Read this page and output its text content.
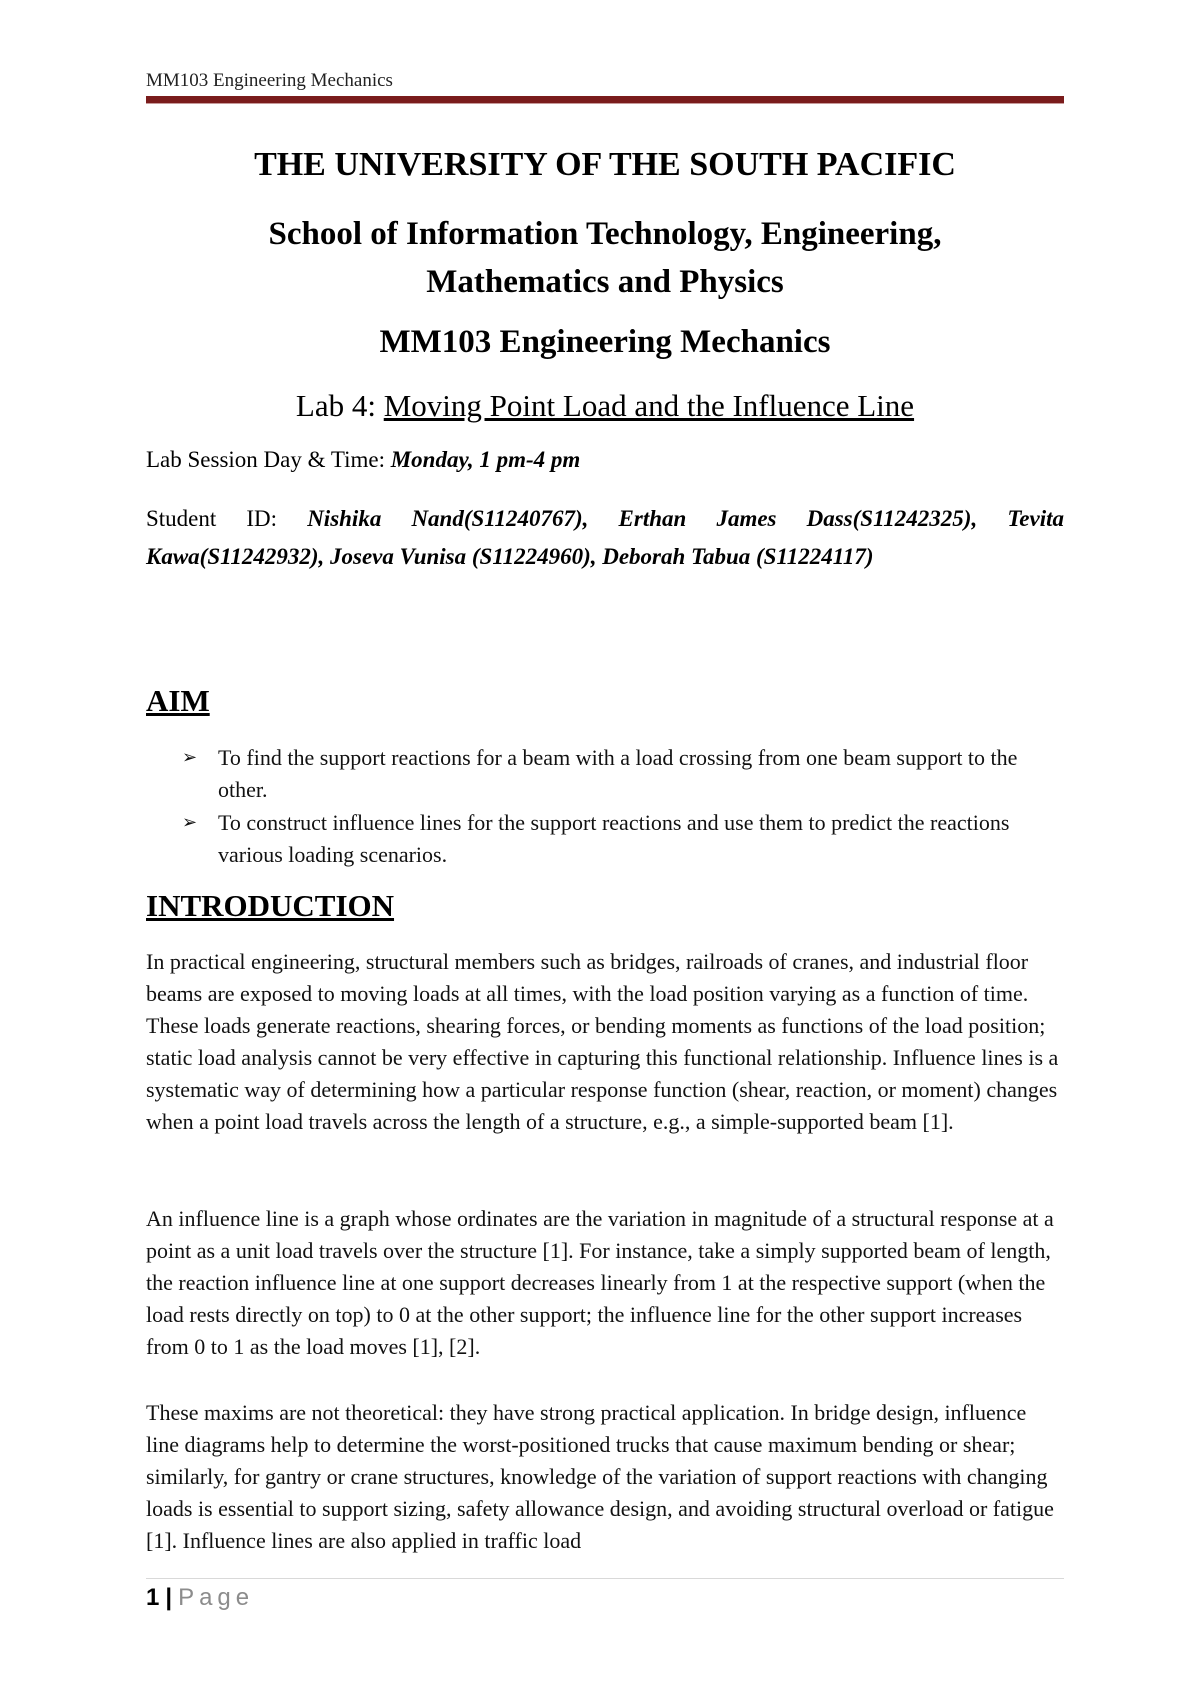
MM103 Engineering Mechanics
THE UNIVERSITY OF THE SOUTH PACIFIC
School of Information Technology, Engineering,
Mathematics and Physics
MM103 Engineering Mechanics
Lab 4: Moving Point Load and the Influence Line
Lab Session Day & Time: Monday, 1 pm-4 pm
Student ID: Nishika Nand(S11240767), Erthan James Dass(S11242325), Tevita Kawa(S11242932), Joseva Vunisa (S11224960), Deborah Tabua (S11224117)
AIM
➢ To find the support reactions for a beam with a load crossing from one beam support to the other.
➢ To construct influence lines for the support reactions and use them to predict the reactions various loading scenarios.
INTRODUCTION

In practical engineering, structural members such as bridges, railroads of cranes, and industrial floor beams are exposed to moving loads at all times, with the load position varying as a function of time. These loads generate reactions, shearing forces, or bending moments as functions of the load position; static load analysis cannot be very effective in capturing this functional relationship. Influence lines is a systematic way of determining how a particular response function (shear, reaction, or moment) changes when a point load travels across the length of a structure, e.g., a simple-supported beam [1].

An influence line is a graph whose ordinates are the variation in magnitude of a structural response at a point as a unit load travels over the structure [1]. For instance, take a simply supported beam of length, the reaction influence line at one support decreases linearly from 1 at the respective support (when the load rests directly on top) to 0 at the other support; the influence line for the other support increases from 0 to 1 as the load moves [1], [2].

These maxims are not theoretical: they have strong practical application. In bridge design, influence line diagrams help to determine the worst-positioned trucks that cause maximum bending or shear; similarly, for gantry or crane structures, knowledge of the variation of support reactions with changing loads is essential to support sizing, safety allowance design, and avoiding structural overload or fatigue [1]. Influence lines are also applied in traffic load

1 | Page
